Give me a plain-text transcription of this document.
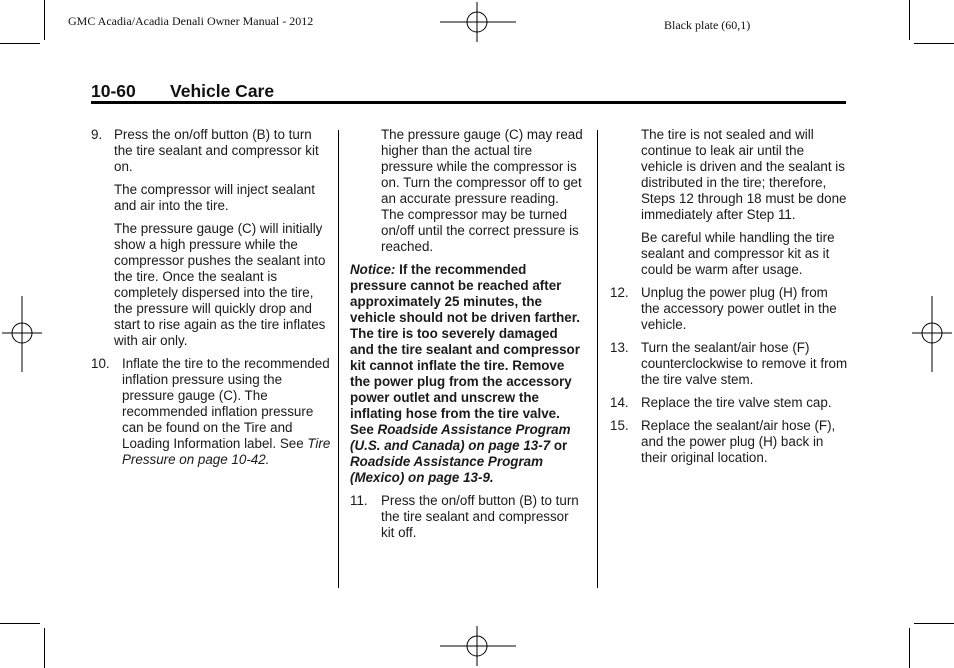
GMC Acadia/Acadia Denali Owner Manual - 2012	Black plate (60,1)
10-60 Vehicle Care
9. Press the on/off button (B) to turn the tire sealant and compressor kit on.

The compressor will inject sealant and air into the tire.

The pressure gauge (C) will initially show a high pressure while the compressor pushes the sealant into the tire. Once the sealant is completely dispersed into the tire, the pressure will quickly drop and start to rise again as the tire inflates with air only.

10. Inflate the tire to the recommended inflation pressure using the pressure gauge (C). The recommended inflation pressure can be found on the Tire and Loading Information label. See Tire Pressure on page 10-42.

The pressure gauge (C) may read higher than the actual tire pressure while the compressor is on. Turn the compressor off to get an accurate pressure reading. The compressor may be turned on/off until the correct pressure is reached.

Notice: If the recommended pressure cannot be reached after approximately 25 minutes, the vehicle should not be driven farther. The tire is too severely damaged and the tire sealant and compressor kit cannot inflate the tire. Remove the power plug from the accessory power outlet and unscrew the inflating hose from the tire valve. See Roadside Assistance Program (U.S. and Canada) on page 13-7 or Roadside Assistance Program (Mexico) on page 13-9.

11. Press the on/off button (B) to turn the tire sealant and compressor kit off.

The tire is not sealed and will continue to leak air until the vehicle is driven and the sealant is distributed in the tire; therefore, Steps 12 through 18 must be done immediately after Step 11.

Be careful while handling the tire sealant and compressor kit as it could be warm after usage.

12. Unplug the power plug (H) from the accessory power outlet in the vehicle.
13. Turn the sealant/air hose (F) counterclockwise to remove it from the tire valve stem.
14. Replace the tire valve stem cap.
15. Replace the sealant/air hose (F), and the power plug (H) back in their original location.
